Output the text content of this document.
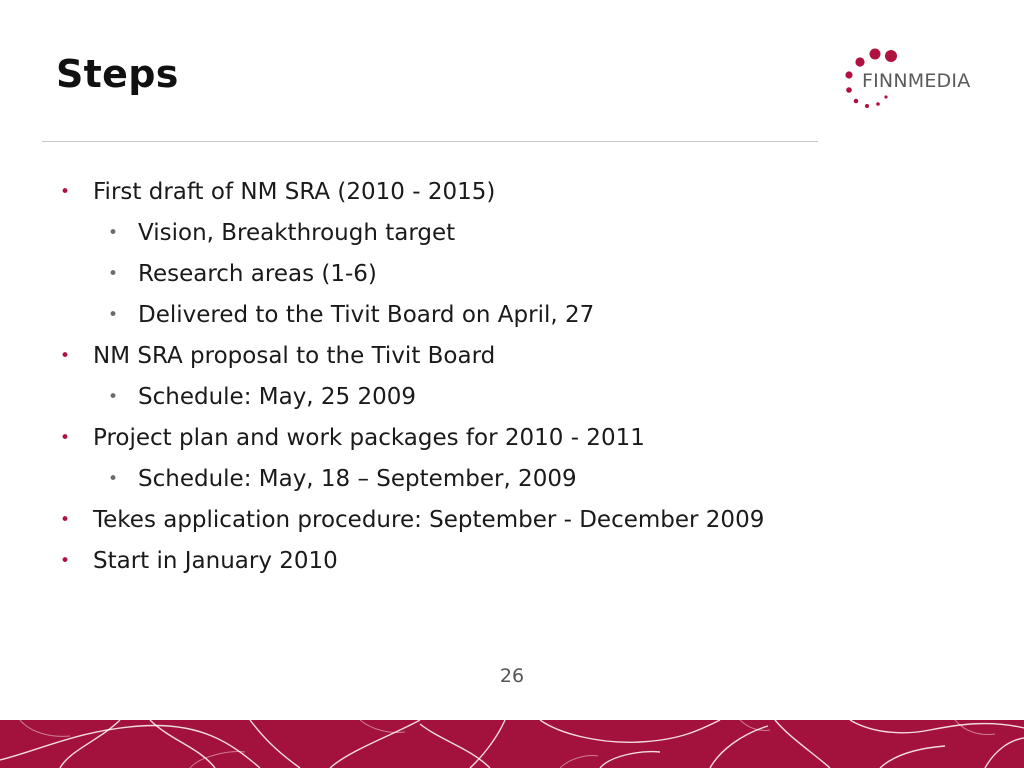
Steps	FINNMEDIA
• First draft of NM SRA (2010 - 2015)
• Vision, Breakthrough target
• Research areas (1-6)
• Delivered to the Tivit Board on April, 27
• NM SRA proposal to the Tivit Board
• Schedule: May, 25 2009
• Project plan and work packages for 2010 - 2011
• Schedule: May, 18 – September, 2009
• Tekes application procedure: September - December 2009
• Start in January 2010
26
